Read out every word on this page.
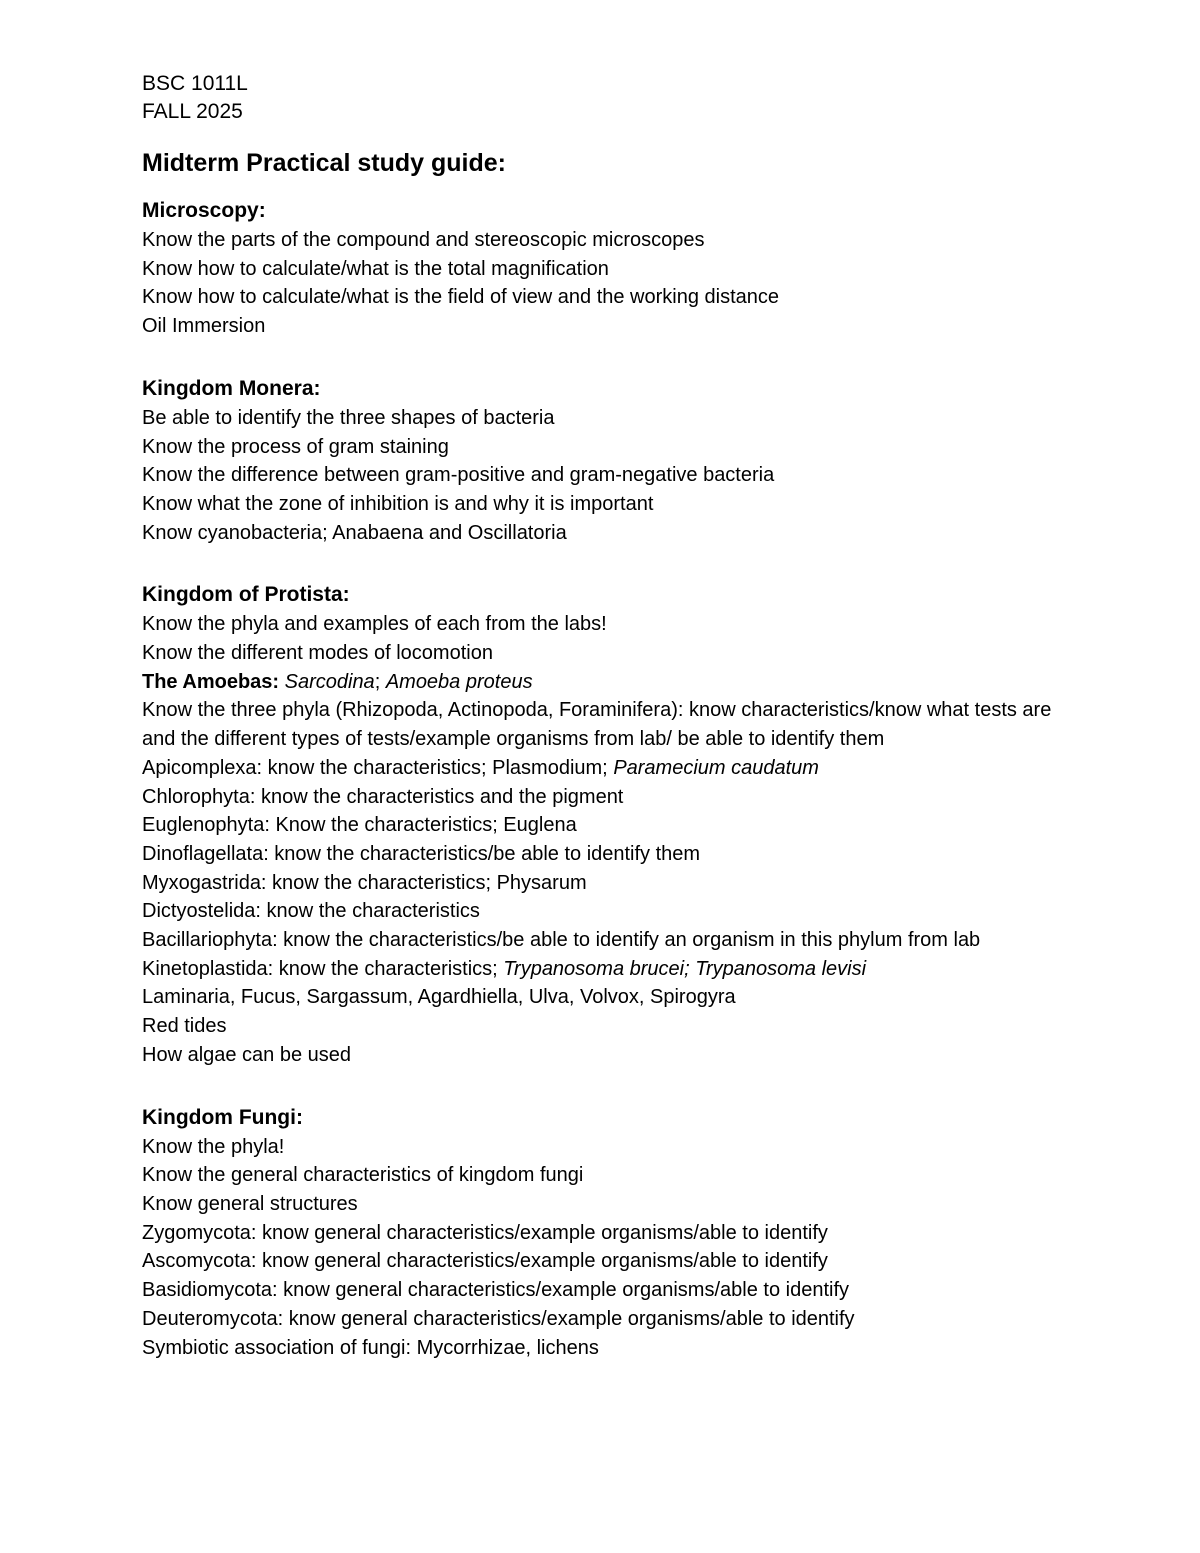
BSC 1011L
FALL 2025
Midterm Practical study guide:
Microscopy:
Know the parts of the compound and stereoscopic microscopes
Know how to calculate/what is the total magnification
Know how to calculate/what is the field of view and the working distance
Oil Immersion
Kingdom Monera:
Be able to identify the three shapes of bacteria
Know the process of gram staining
Know the difference between gram-positive and gram-negative bacteria
Know what the zone of inhibition is and why it is important
Know cyanobacteria; Anabaena and Oscillatoria
Kingdom of Protista:
Know the phyla and examples of each from the labs!
Know the different modes of locomotion
The Amoebas: Sarcodina; Amoeba proteus
Know the three phyla (Rhizopoda, Actinopoda, Foraminifera): know characteristics/know what tests are and the different types of tests/example organisms from lab/ be able to identify them
Apicomplexa: know the characteristics; Plasmodium; Paramecium caudatum
Chlorophyta: know the characteristics and the pigment
Euglenophyta: Know the characteristics; Euglena
Dinoflagellata: know the characteristics/be able to identify them
Myxogastrida: know the characteristics; Physarum
Dictyostelida: know the characteristics
Bacillariophyta: know the characteristics/be able to identify an organism in this phylum from lab
Kinetoplastida: know the characteristics; Trypanosoma brucei; Trypanosoma levisi
Laminaria, Fucus, Sargassum, Agardhiella, Ulva, Volvox, Spirogyra
Red tides
How algae can be used
Kingdom Fungi:
Know the phyla!
Know the general characteristics of kingdom fungi
Know general structures
Zygomycota: know general characteristics/example organisms/able to identify
Ascomycota: know general characteristics/example organisms/able to identify
Basidiomycota: know general characteristics/example organisms/able to identify
Deuteromycota: know general characteristics/example organisms/able to identify
Symbiotic association of fungi: Mycorrhizae, lichens
